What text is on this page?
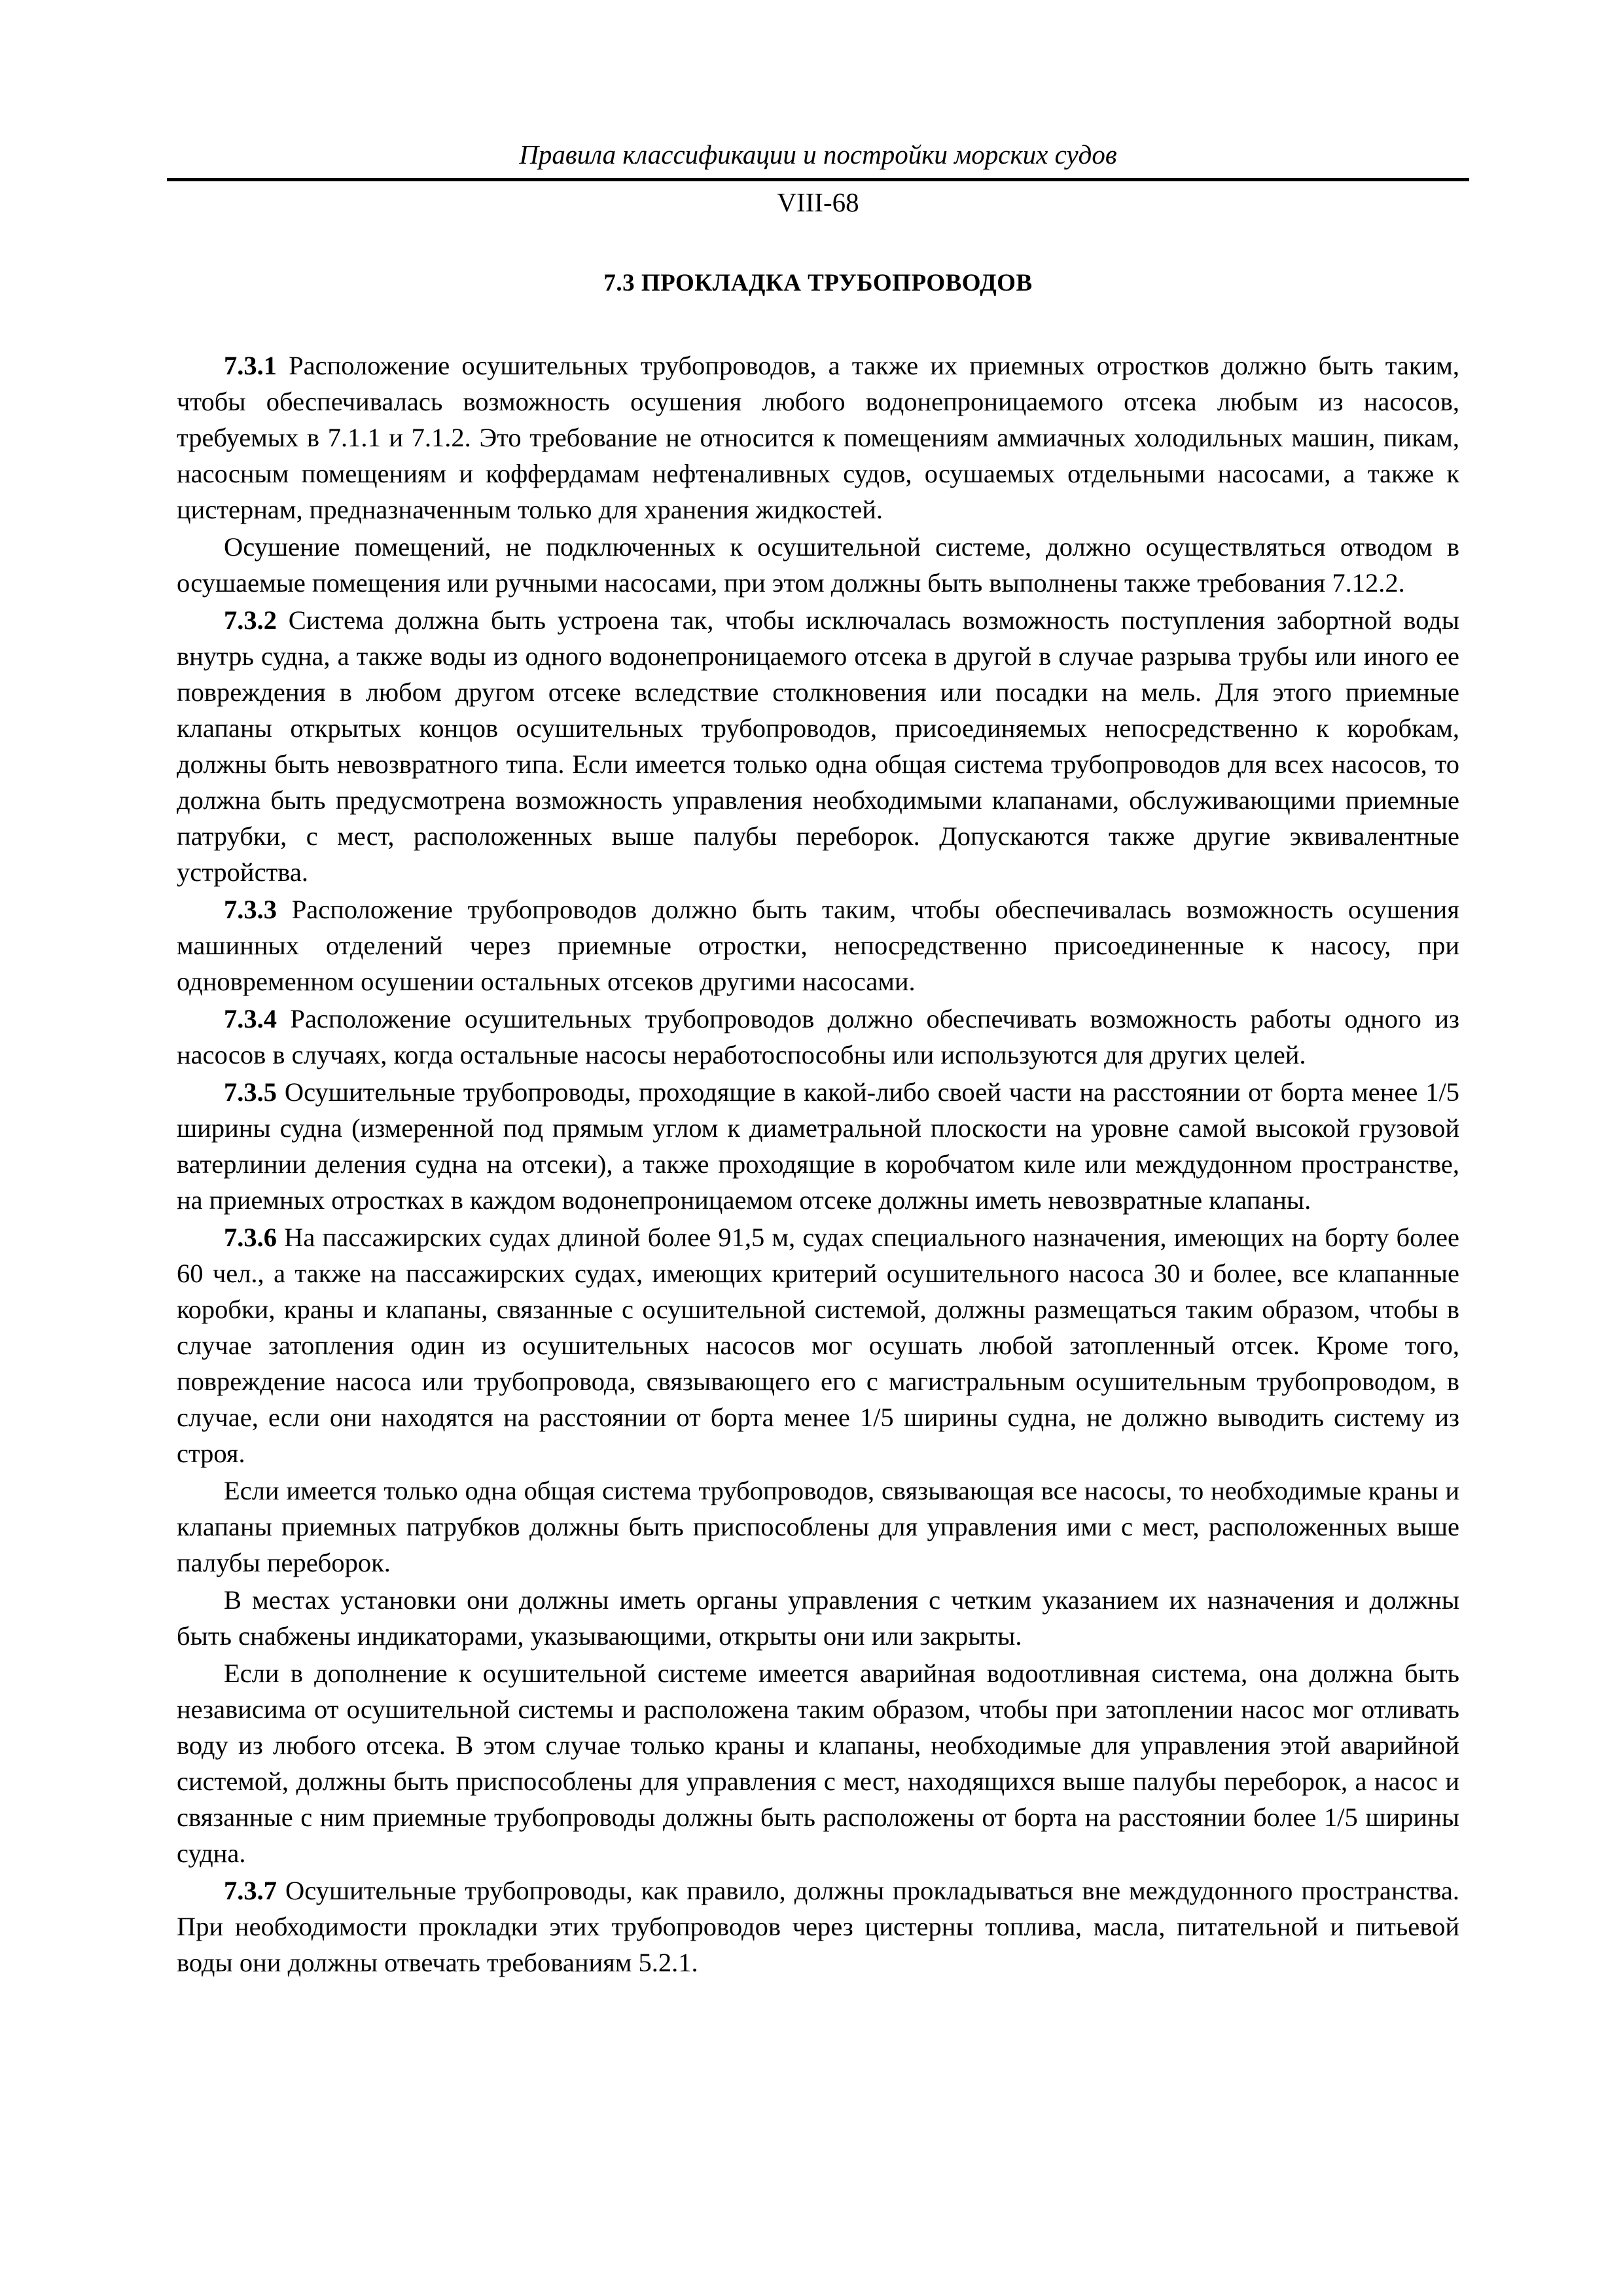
Правила классификации и постройки морских судов
VIII-68
7.3 ПРОКЛАДКА ТРУБОПРОВОДОВ

7.3.1 Расположение осушительных трубопроводов, а также их приемных отростков должно быть таким, чтобы обеспечивалась возможность осушения любого водонепроницаемого отсека любым из насосов, требуемых в 7.1.1 и 7.1.2. Это требование не относится к помещениям аммиачных холодильных машин, пикам, насосным помещениям и коффердамам нефтеналивных судов, осушаемых отдельными насосами, а также к цистернам, предназначенным только для хранения жидкостей.

Осушение помещений, не подключенных к осушительной системе, должно осуществляться отводом в осушаемые помещения или ручными насосами, при этом должны быть выполнены также требования 7.12.2.

7.3.2 Система должна быть устроена так, чтобы исключалась возможность поступления забортной воды внутрь судна, а также воды из одного водонепроницаемого отсека в другой в случае разрыва трубы или иного ее повреждения в любом другом отсеке вследствие столкновения или посадки на мель. Для этого приемные клапаны открытых концов осушительных трубопроводов, присоединяемых непосредственно к коробкам, должны быть невозвратного типа. Если имеется только одна общая система трубопроводов для всех насосов, то должна быть предусмотрена возможность управления необходимыми клапанами, обслуживающими приемные патрубки, с мест, расположенных выше палубы переборок. Допускаются также другие эквивалентные устройства.

7.3.3 Расположение трубопроводов должно быть таким, чтобы обеспечивалась возможность осушения машинных отделений через приемные отростки, непосредственно присоединенные к насосу, при одновременном осушении остальных отсеков другими насосами.

7.3.4 Расположение осушительных трубопроводов должно обеспечивать возможность работы одного из насосов в случаях, когда остальные насосы неработоспособны или используются для других целей.

7.3.5 Осушительные трубопроводы, проходящие в какой-либо своей части на расстоянии от борта менее 1/5 ширины судна (измеренной под прямым углом к диаметральной плоскости на уровне самой высокой грузовой ватерлинии деления судна на отсеки), а также проходящие в коробчатом киле или междудонном пространстве, на приемных отростках в каждом водонепроницаемом отсеке должны иметь невозвратные клапаны.

7.3.6 На пассажирских судах длиной более 91,5 м, судах специального назначения, имеющих на борту более 60 чел., а также на пассажирских судах, имеющих критерий осушительного насоса 30 и более, все клапанные коробки, краны и клапаны, связанные с осушительной системой, должны размещаться таким образом, чтобы в случае затопления один из осушительных насосов мог осушать любой затопленный отсек. Кроме того, повреждение насоса или трубопровода, связывающего его с магистральным осушительным трубопроводом, в случае, если они находятся на расстоянии от борта менее 1/5 ширины судна, не должно выводить систему из строя.

Если имеется только одна общая система трубопроводов, связывающая все насосы, то необходимые краны и клапаны приемных патрубков должны быть приспособлены для управления ими с мест, расположенных выше палубы переборок.

В местах установки они должны иметь органы управления с четким указанием их назначения и должны быть снабжены индикаторами, указывающими, открыты они или закрыты.

Если в дополнение к осушительной системе имеется аварийная водоотливная система, она должна быть независима от осушительной системы и расположена таким образом, чтобы при затоплении насос мог отливать воду из любого отсека. В этом случае только краны и клапаны, необходимые для управления этой аварийной системой, должны быть приспособлены для управления с мест, находящихся выше палубы переборок, а насос и связанные с ним приемные трубопроводы должны быть расположены от борта на расстоянии более 1/5 ширины судна.

7.3.7 Осушительные трубопроводы, как правило, должны прокладываться вне междудонного пространства. При необходимости прокладки этих трубопроводов через цистерны топлива, масла, питательной и питьевой воды они должны отвечать требованиям 5.2.1.
